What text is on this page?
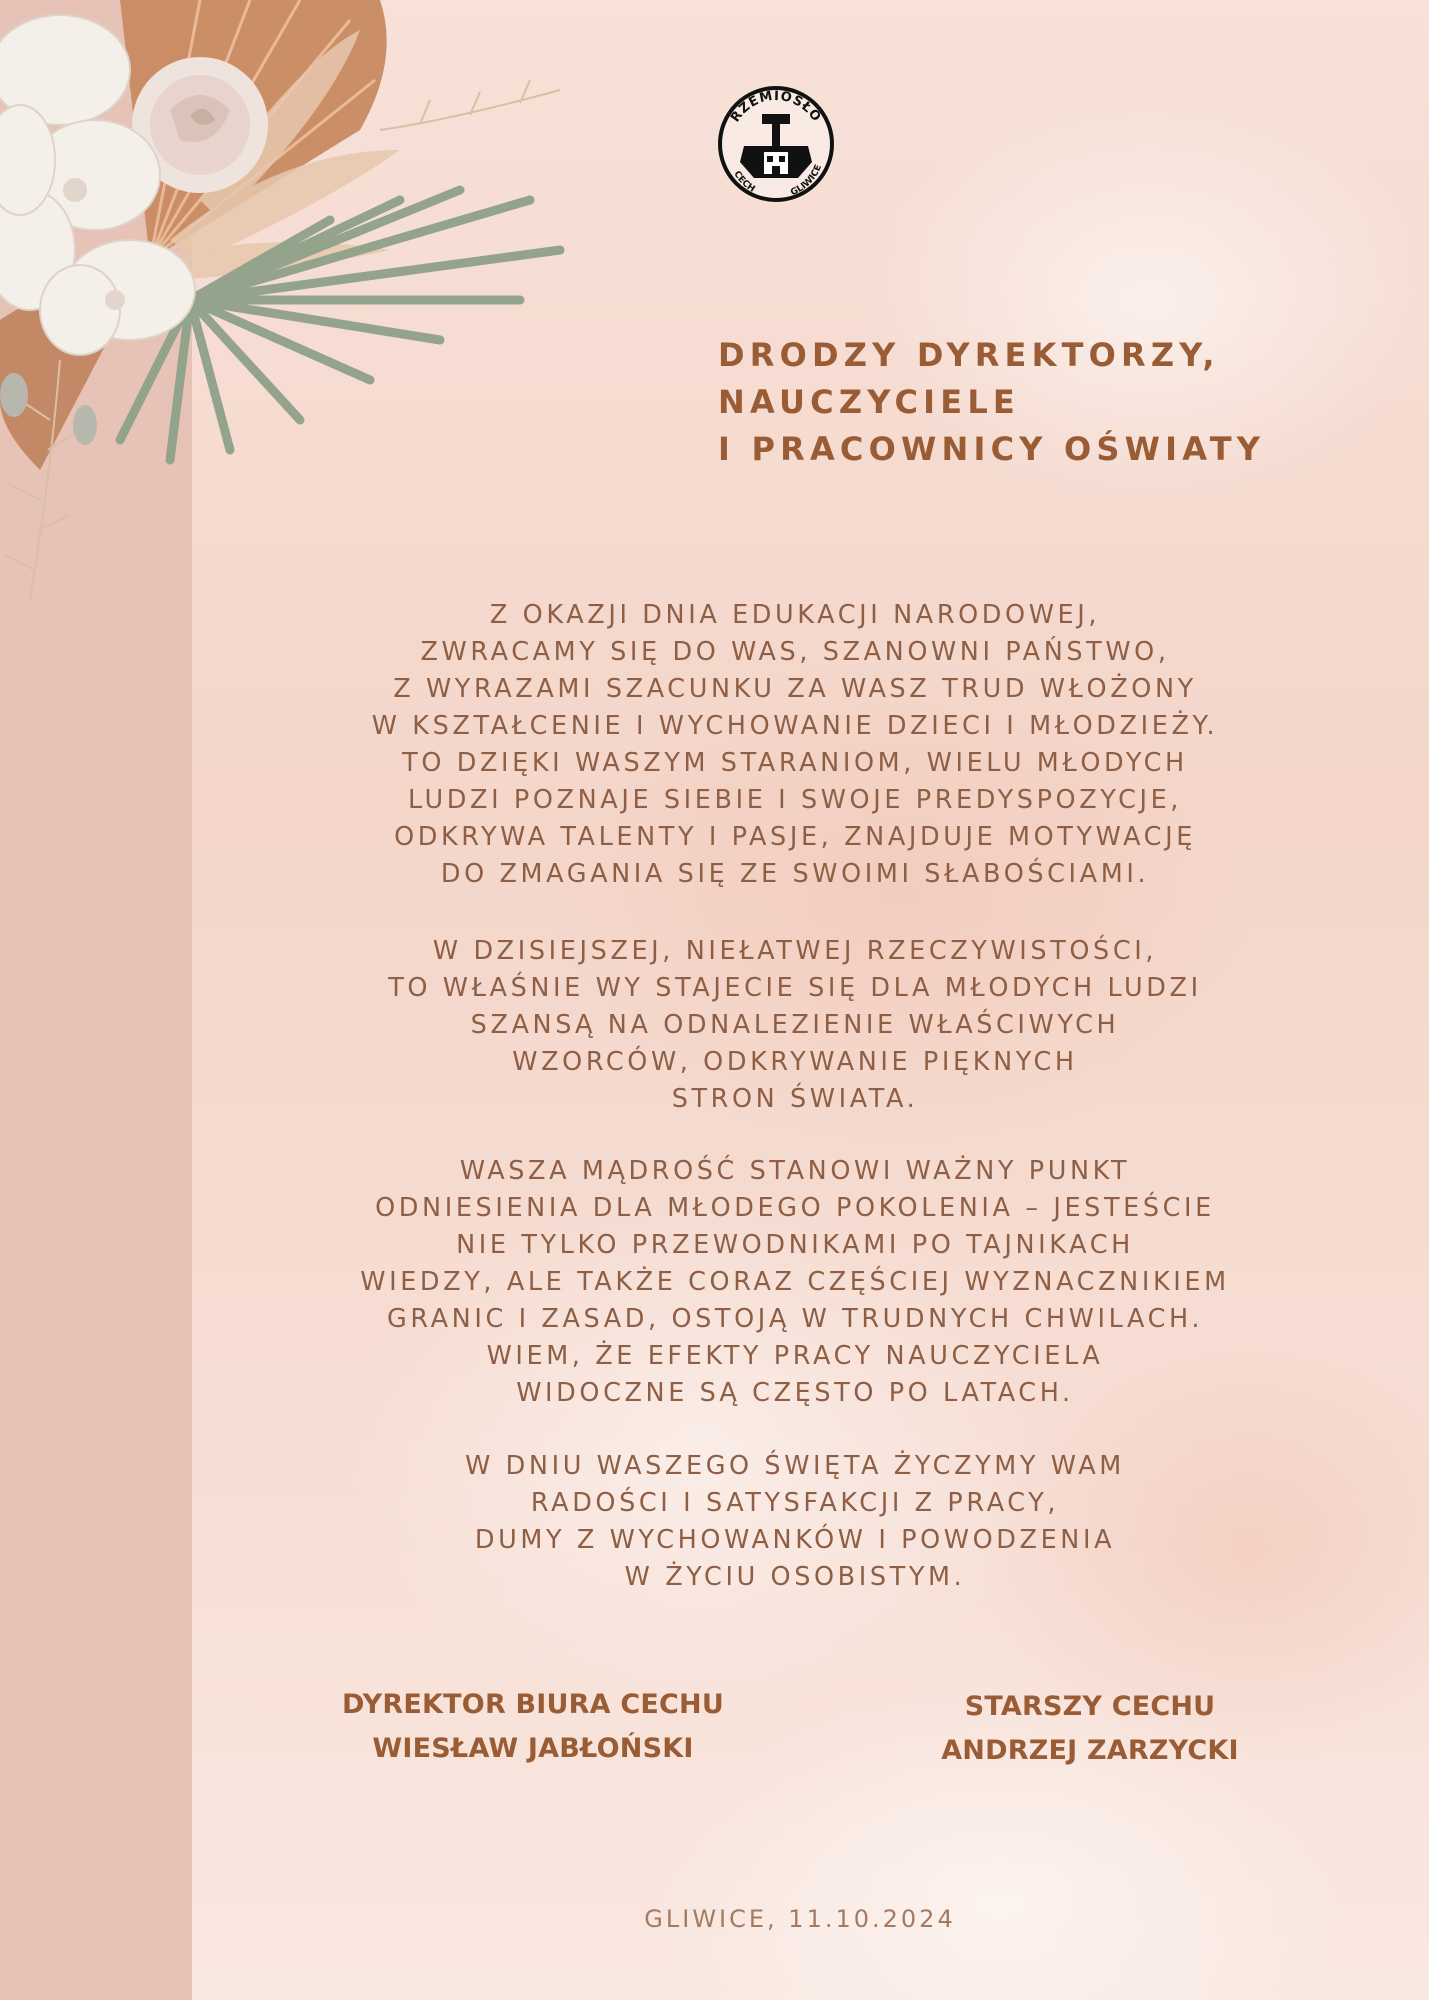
RZEMIOSŁO
CECH	GLIWICE
DRODZY DYREKTORZY,
NAUCZYCIELE
I PRACOWNICY OŚWIATY
Z OKAZJI DNIA EDUKACJI NARODOWEJ,
ZWRACAMY SIĘ DO WAS, SZANOWNI PAŃSTWO,
Z WYRAZAMI SZACUNKU ZA WASZ TRUD WŁOŻONY
W KSZTAŁCENIE I WYCHOWANIE DZIECI I MŁODZIEŻY.
TO DZIĘKI WASZYM STARANIOM, WIELU MŁODYCH
LUDZI POZNAJE SIEBIE I SWOJE PREDYSPOZYCJE,
ODKRYWA TALENTY I PASJE, ZNAJDUJE MOTYWACJĘ
DO ZMAGANIA SIĘ ZE SWOIMI SŁABOŚCIAMI.
W DZISIEJSZEJ, NIEŁATWEJ RZECZYWISTOŚCI,
TO WŁAŚNIE WY STAJECIE SIĘ DLA MŁODYCH LUDZI
SZANSĄ NA ODNALEZIENIE WŁAŚCIWYCH
WZORCÓW, ODKRYWANIE PIĘKNYCH
STRON ŚWIATA.
WASZA MĄDROŚĆ STANOWI WAŻNY PUNKT
ODNIESIENIA DLA MŁODEGO POKOLENIA – JESTEŚCIE
NIE TYLKO PRZEWODNIKAMI PO TAJNIKACH
WIEDZY, ALE TAKŻE CORAZ CZĘŚCIEJ WYZNACZNIKIEM
GRANIC I ZASAD, OSTOJĄ W TRUDNYCH CHWILACH.
WIEM, ŻE EFEKTY PRACY NAUCZYCIELA
WIDOCZNE SĄ CZĘSTO PO LATACH.
W DNIU WASZEGO ŚWIĘTA ŻYCZYMY WAM
RADOŚCI I SATYSFAKCJI Z PRACY,
DUMY Z WYCHOWANKÓW I POWODZENIA
W ŻYCIU OSOBISTYM.
DYREKTOR BIURA CECHU
WIESŁAW JABŁOŃSKI
STARSZY CECHU
ANDRZEJ ZARZYCKI
GLIWICE, 11.10.2024
